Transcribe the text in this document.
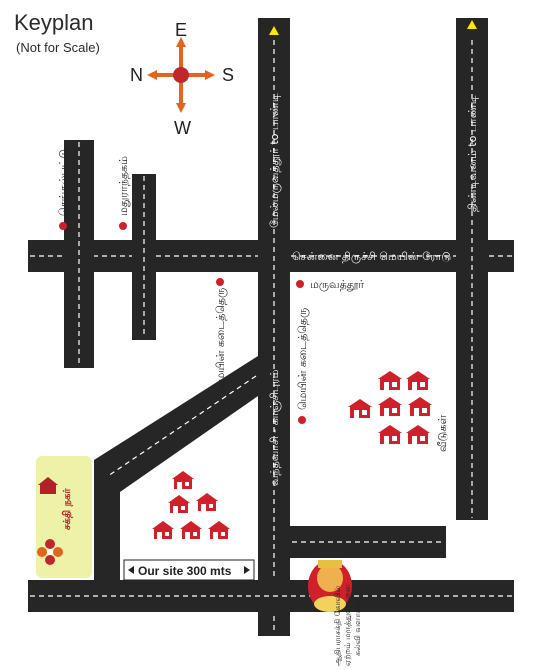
Keyplan
(Not for Scale)
சென்னை திருச்சி மெயின் ரோடு
மேல்மருவத்தூர் to பாண்டி	திண்டிவனம் to பாண்டி
வந்தவாசி - காஞ்சிபுரம்
செங்கல்பட்டு	மதுராந்தகம்
மெயின் கடைத்தெரு
மருவத்தூர்
மெயின் கடைத்தெரு
வீடுகள்
Our site 300 mts
சக்தி நகர்
ஆதிபராசக்தி கோவில் ஏற்றம் மருத்துவமனை கல்வி வளாகம்
E
N	S
W
